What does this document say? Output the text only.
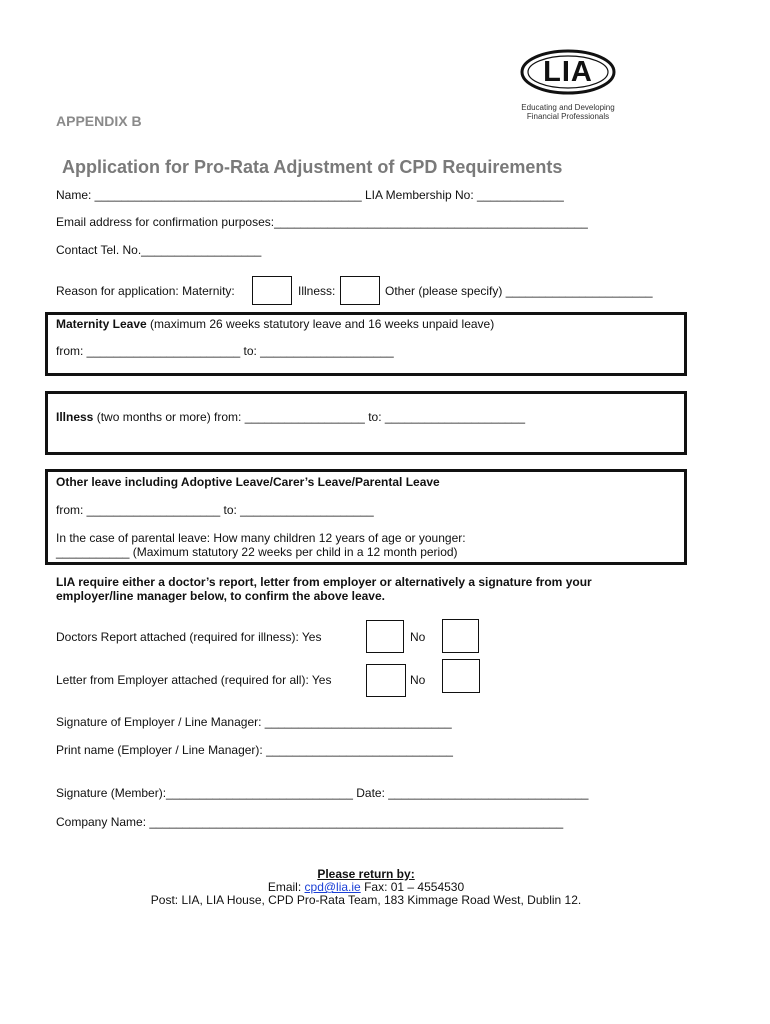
LIA
Educating and Developing
Financial Professionals
APPENDIX B
Application for Pro-Rata Adjustment of CPD Requirements
Name: ________________________________________ LIA Membership No: _____________
Email address for confirmation purposes:_______________________________________________
Contact Tel. No.__________________
Reason for application: Maternity:	Illness:	Other (please specify) ______________________
Maternity Leave (maximum 26 weeks statutory leave and 16 weeks unpaid leave)
from: _______________________ to: ____________________
Illness (two months or more) from: __________________ to: _____________________
Other leave including Adoptive Leave/Carer’s Leave/Parental Leave
from: ____________________ to: ____________________
In the case of parental leave: How many children 12 years of age or younger:
___________ (Maximum statutory 22 weeks per child in a 12 month period)
LIA require either a doctor’s report, letter from employer or alternatively a signature from your
employer/line manager below, to confirm the above leave.
Doctors Report attached (required for illness): Yes	No
Letter from Employer attached (required for all): Yes	No
Signature of Employer / Line Manager: ____________________________
Print name (Employer / Line Manager): ____________________________
Signature (Member):____________________________ Date: ______________________________
Company Name: ______________________________________________________________
Please return by:
Email: cpd@lia.ie Fax: 01 – 4554530
Post: LIA, LIA House, CPD Pro-Rata Team, 183 Kimmage Road West, Dublin 12.
